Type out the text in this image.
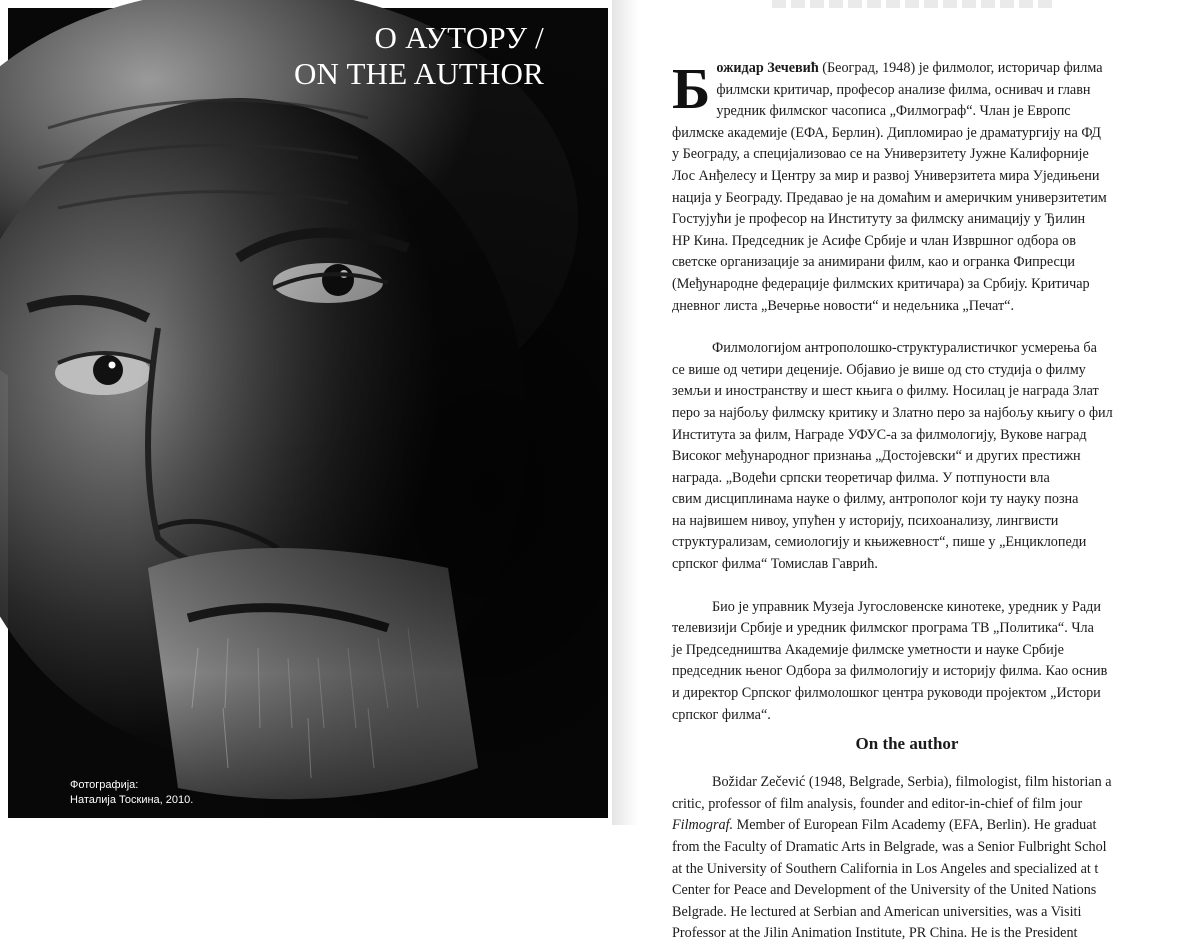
О АУТОРУ /
ON THE AUTHOR
Фотографија:
Наталија Тоскина, 2010.
Б ожидар Зечевић (Београд, 1948) је филмолог, историчар филма
филмски критичар, професор анализе филма, оснивач и главн
уредник филмског часописа „Филмограф“. Члан је Европс
филмске академије (ЕФА, Берлин). Дипломирао је драматургију на ФД
у Београду, а специјализовао се на Универзитету Јужне Калифорније
Лос Анђелесу и Центру за мир и развој Универзитета мира Уједињени
нација у Београду. Предавао је на домаћим и америчким универзитетим
Гостујући је професор на Институту за филмску анимацију у Ђилин
НР Кина. Председник је Асифе Србије и члан Извршног одбора ов
светске организације за анимирани филм, као и огранка Фипресци
(Међународне федерације филмских критичара) за Србију. Критичар
дневног листа „Вечерње новости“ и недељника „Печат“.
Филмологијом антрополошко-структуралистичког усмерења ба
се више од четири деценије. Објавио је више од сто студија о филму
земљи и иностранству и шест књига о филму. Носилац је награда Злат
перо за најбољу филмску критику и Златно перо за најбољу књигу о фил
Института за филм, Награде УФУС-а за филмологију, Вукове наград
Високог међународног признања „Достојевски“ и других престижн
награда. „Водећи српски теоретичар филма. У потпуности вла
свим дисциплинама науке о филму, антрополог који ту науку позна
на највишем нивоу, упућен у историју, психоанализу, лингвисти
структурализам, семиологију и књижевност“, пише у „Енциклопеди
српског филма“ Томислав Гаврић.
Био је управник Музеја Југословенске кинотеке, уредник у Ради
телевизији Србије и уредник филмског програма ТВ „Политика“. Чла
је Председништва Академије филмске уметности и науке Србије
председник њеног Одбора за филмологију и историју филма. Као оснив
и директор Српског филмолошког центра руководи пројектом „Истори
српског филма“.
On the author
Božidar Zečević (1948, Belgrade, Serbia), filmologist, film historian a
critic, professor of film analysis, founder and editor-in-chief of film jour
Filmograf. Member of European Film Academy (EFA, Berlin). He graduat
from the Faculty of Dramatic Arts in Belgrade, was a Senior Fulbright Schol
at the University of Southern California in Los Angeles and specialized at t
Center for Peace and Development of the University of the United Nations
Belgrade. He lectured at Serbian and American universities, was a Visiti
Professor at the Jilin Animation Institute, PR China. He is the President
